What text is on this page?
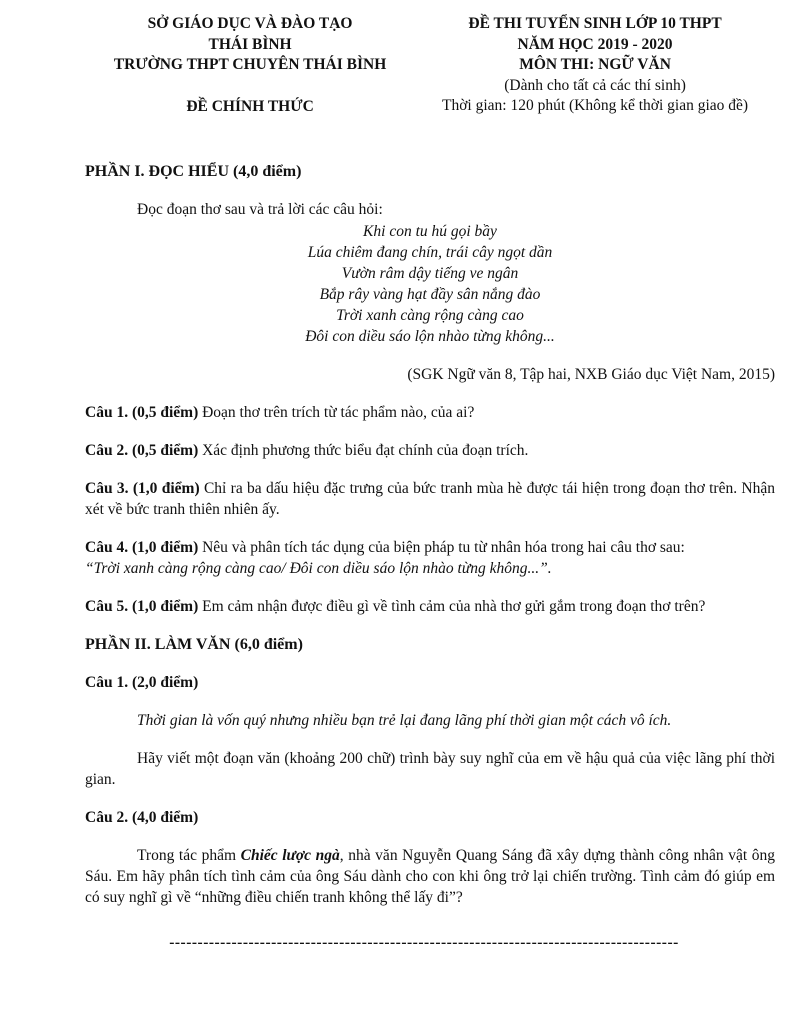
SỞ GIÁO DỤC VÀ ĐÀO TẠO
THÁI BÌNH
TRƯỜNG THPT CHUYÊN THÁI BÌNH
ĐỀ CHÍNH THỨC
ĐỀ THI TUYỂN SINH LỚP 10 THPT
NĂM HỌC 2019 - 2020
MÔN THI: NGỮ VĂN
(Dành cho tất cả các thí sinh)
Thời gian: 120 phút (Không kể thời gian giao đề)
PHẦN I. ĐỌC HIỂU (4,0 điểm)
Đọc đoạn thơ sau và trả lời các câu hỏi:
Khi con tu hú gọi bầy
Lúa chiêm đang chín, trái cây ngọt dần
Vườn râm dậy tiếng ve ngân
Bắp rây vàng hạt đầy sân nắng đào
Trời xanh càng rộng càng cao
Đôi con diều sáo lộn nhào từng không...
(SGK Ngữ văn 8, Tập hai, NXB Giáo dục Việt Nam, 2015)
Câu 1. (0,5 điểm) Đoạn thơ trên trích từ tác phẩm nào, của ai?
Câu 2. (0,5 điểm) Xác định phương thức biểu đạt chính của đoạn trích.
Câu 3. (1,0 điểm) Chỉ ra ba dấu hiệu đặc trưng của bức tranh mùa hè được tái hiện trong đoạn thơ trên. Nhận xét về bức tranh thiên nhiên ấy.
Câu 4. (1,0 điểm) Nêu và phân tích tác dụng của biện pháp tu từ nhân hóa trong hai câu thơ sau:
“Trời xanh càng rộng càng cao/ Đôi con diều sáo lộn nhào từng không...”.
Câu 5. (1,0 điểm) Em cảm nhận được điều gì về tình cảm của nhà thơ gửi gắm trong đoạn thơ trên?
PHẦN II. LÀM VĂN (6,0 điểm)
Câu 1. (2,0 điểm)
Thời gian là vốn quý nhưng nhiều bạn trẻ lại đang lãng phí thời gian một cách vô ích.
Hãy viết một đoạn văn (khoảng 200 chữ) trình bày suy nghĩ của em về hậu quả của việc lãng phí thời gian.
Câu 2. (4,0 điểm)
Trong tác phẩm Chiếc lược ngà, nhà văn Nguyễn Quang Sáng đã xây dựng thành công nhân vật ông Sáu. Em hãy phân tích tình cảm của ông Sáu dành cho con khi ông trở lại chiến trường. Tình cảm đó giúp em có suy nghĩ gì về “những điều chiến tranh không thể lấy đi”?
------------------------------------------------------------------------------------------
